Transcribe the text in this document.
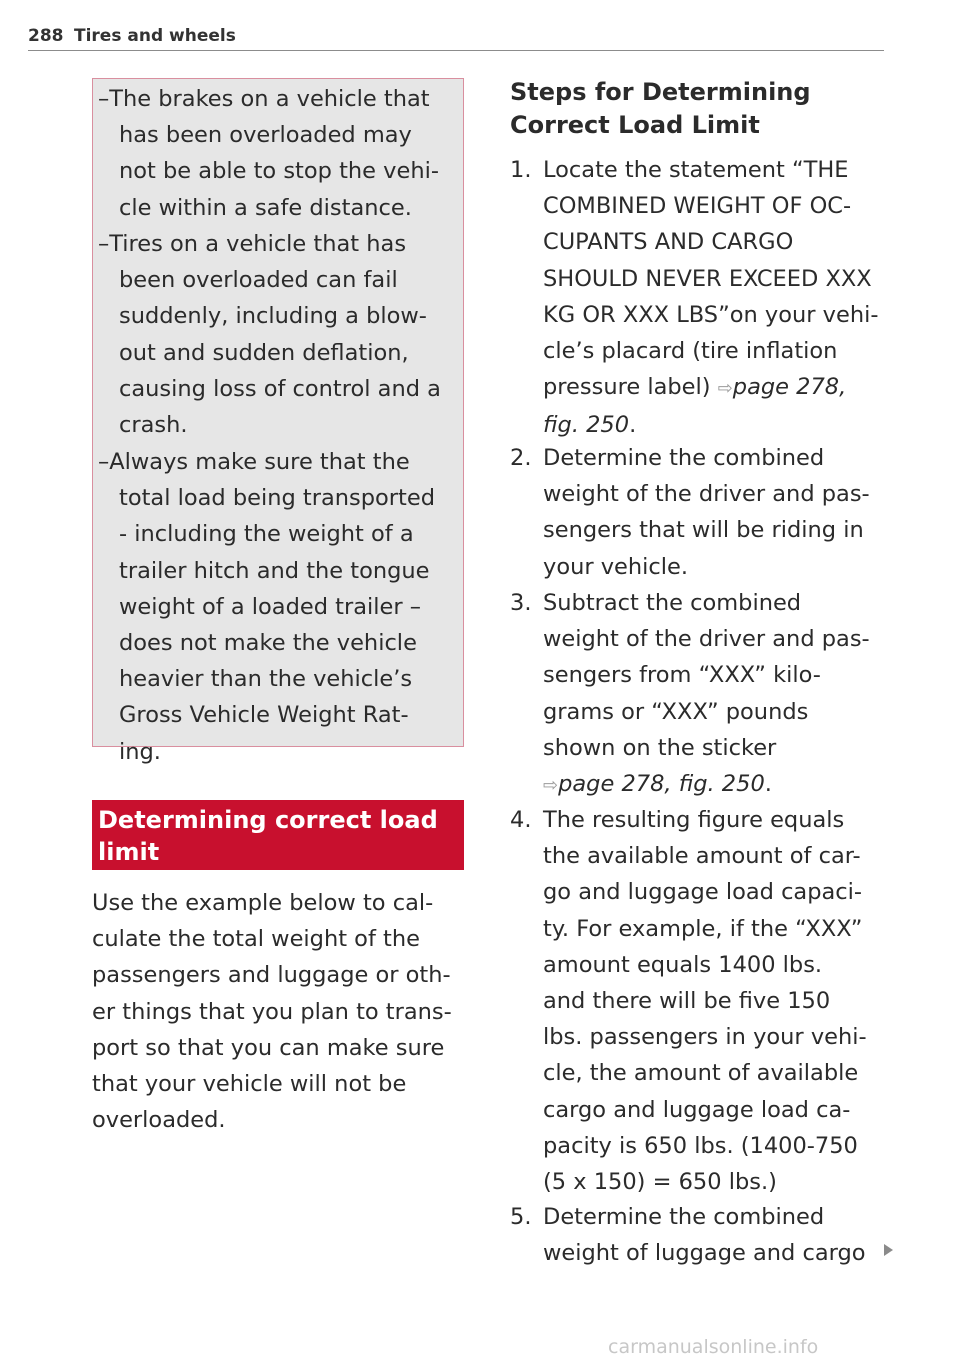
288 Tires and wheels
–The brakes on a vehicle that
has been overloaded may
not be able to stop the vehi-
cle within a safe distance.
–Tires on a vehicle that has
been overloaded can fail
suddenly, including a blow-
out and sudden deflation,
causing loss of control and a
crash.
–Always make sure that the
total load being transported
- including the weight of a
trailer hitch and the tongue
weight of a loaded trailer –
does not make the vehicle
heavier than the vehicle’s
Gross Vehicle Weight Rat-
ing.
Determining correct load
limit
Use the example below to cal-
culate the total weight of the
passengers and luggage or oth-
er things that you plan to trans-
port so that you can make sure
that your vehicle will not be
overloaded.
Steps for Determining
Correct Load Limit
1. Locate the statement “THE
COMBINED WEIGHT OF OC-
CUPANTS AND CARGO
SHOULD NEVER EXCEED XXX
KG OR XXX LBS”on your vehi-
cle’s placard (tire inflation
pressure label) ⇨page 278,
fig. 250.
2. Determine the combined
weight of the driver and pas-
sengers that will be riding in
your vehicle.
3. Subtract the combined
weight of the driver and pas-
sengers from “XXX” kilo-
grams or “XXX” pounds
shown on the sticker
⇨page 278, fig. 250.
4. The resulting figure equals
the available amount of car-
go and luggage load capaci-
ty. For example, if the “XXX”
amount equals 1400 lbs.
and there will be five 150
lbs. passengers in your vehi-
cle, the amount of available
cargo and luggage load ca-
pacity is 650 lbs. (1400-750
(5 x 150) = 650 lbs.)
5. Determine the combined
weight of luggage and cargo
carmanualsonline.info
